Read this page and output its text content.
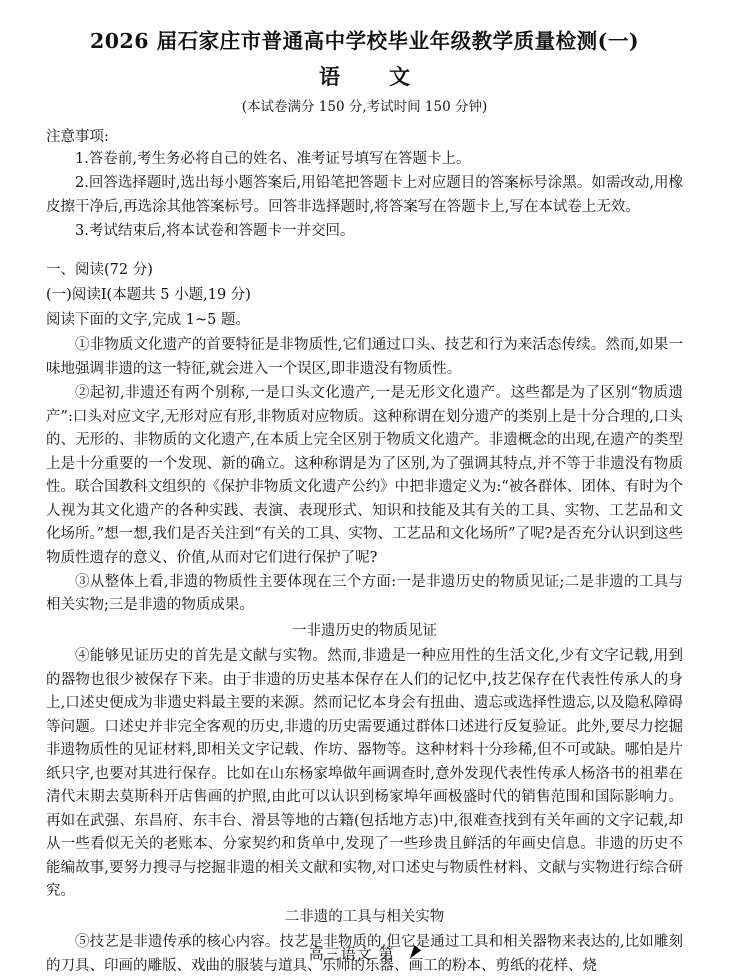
2026 届石家庄市普通高中学校毕业年级教学质量检测(一)
语　文
(本试卷满分 150 分,考试时间 150 分钟)
注意事项:
1.答卷前,考生务必将自己的姓名、准考证号填写在答题卡上。
2.回答选择题时,选出每小题答案后,用铅笔把答题卡上对应题目的答案标号涂黑。如需改动,用橡皮擦干净后,再选涂其他答案标号。回答非选择题时,将答案写在答题卡上,写在本试卷上无效。
3.考试结束后,将本试卷和答题卡一并交回。
一、阅读(72 分)
(一)阅读Ⅰ(本题共 5 小题,19 分)
阅读下面的文字,完成 1~5 题。
①非物质文化遗产的首要特征是非物质性,它们通过口头、技艺和行为来活态传续。然而,如果一味地强调非遗的这一特征,就会进入一个误区,即非遗没有物质性。
②起初,非遗还有两个别称,一是口头文化遗产,一是无形文化遗产。这些都是为了区别“物质遗产”:口头对应文字,无形对应有形,非物质对应物质。这种称谓在划分遗产的类别上是十分合理的,口头的、无形的、非物质的文化遗产,在本质上完全区别于物质文化遗产。非遗概念的出现,在遗产的类型上是十分重要的一个发现、新的确立。这种称谓是为了区别,为了强调其特点,并不等于非遗没有物质性。联合国教科文组织的《保护非物质文化遗产公约》中把非遗定义为:“被各群体、团体、有时为个人视为其文化遗产的各种实践、表演、表现形式、知识和技能及其有关的工具、实物、工艺品和文化场所。”想一想,我们是否关注到“有关的工具、实物、工艺品和文化场所”了呢?是否充分认识到这些物质性遗存的意义、价值,从而对它们进行保护了呢?
③从整体上看,非遗的物质性主要体现在三个方面:一是非遗历史的物质见证;二是非遗的工具与相关实物;三是非遗的物质成果。
一非遗历史的物质见证
④能够见证历史的首先是文献与实物。然而,非遗是一种应用性的生活文化,少有文字记载,用到的器物也很少被保存下来。由于非遗的历史基本保存在人们的记忆中,技艺保存在代表性传承人的身上,口述史便成为非遗史料最主要的来源。然而记忆本身会有扭曲、遗忘或选择性遗忘,以及隐私障碍等问题。口述史并非完全客观的历史,非遗的历史需要通过群体口述进行反复验证。此外,要尽力挖掘非遗物质性的见证材料,即相关文字记载、作坊、器物等。这种材料十分珍稀,但不可或缺。哪怕是片纸只字,也要对其进行保存。比如在山东杨家埠做年画调查时,意外发现代表性传承人杨洛书的祖辈在清代末期去莫斯科开店售画的护照,由此可以认识到杨家埠年画极盛时代的销售范围和国际影响力。再如在武强、东昌府、东丰台、滑县等地的古籍(包括地方志)中,很难查找到有关年画的文字记载,却从一些看似无关的老账本、分家契约和货单中,发现了一些珍贵且鲜活的年画史信息。非遗的历史不能编故事,要努力搜寻与挖掘非遗的相关文献和实物,对口述史与物质性材料、文献与实物进行综合研究。
二非遗的工具与相关实物
⑤技艺是非遗传承的核心内容。技艺是非物质的,但它是通过工具和相关器物来表达的,比如雕刻的刀具、印画的雕版、戏曲的服装与道具、乐师的乐器、画工的粉本、剪纸的花样、烧
高三语文 第
